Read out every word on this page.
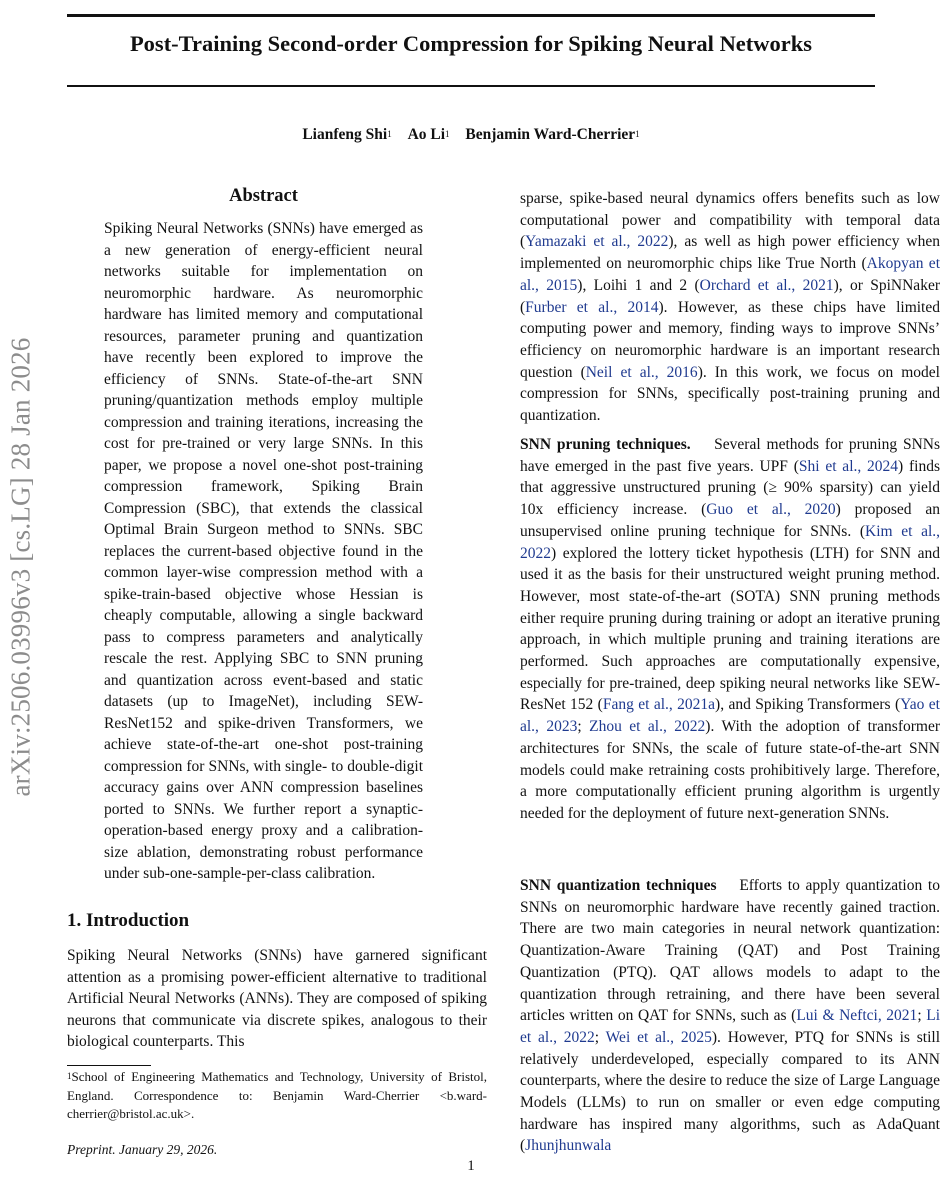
Post-Training Second-order Compression for Spiking Neural Networks
Lianfeng Shi$^1$ Ao Li$^1$ Benjamin Ward-Cherrier$^1$
arXiv:2506.03996v3 [cs.LG] 28 Jan 2026
Abstract

Spiking Neural Networks (SNNs) have emerged as a new generation of energy-efficient neural networks suitable for implementation on neuromorphic hardware. As neuromorphic hardware has limited memory and computational resources, parameter pruning and quantization have recently been explored to improve the efficiency of SNNs. State-of-the-art SNN pruning/quantization methods employ multiple compression and training iterations, increasing the cost for pre-trained or very large SNNs. In this paper, we propose a novel one-shot post-training compression framework, Spiking Brain Compression (SBC), that extends the classical Optimal Brain Surgeon method to SNNs. SBC replaces the current-based objective found in the common layer-wise compression method with a spike-train-based objective whose Hessian is cheaply computable, allowing a single backward pass to compress parameters and analytically rescale the rest. Applying SBC to SNN pruning and quantization across event-based and static datasets (up to ImageNet), including SEW-ResNet152 and spike-driven Transformers, we achieve state-of-the-art one-shot post-training compression for SNNs, with single- to double-digit accuracy gains over ANN compression baselines ported to SNNs. We further report a synaptic-operation-based energy proxy and a calibration-size ablation, demonstrating robust performance under sub-one-sample-per-class calibration.

1. Introduction

Spiking Neural Networks (SNNs) have garnered significant attention as a promising power-efficient alternative to traditional Artificial Neural Networks (ANNs). They are composed of spiking neurons that communicate via discrete spikes, analogous to their biological counterparts. This

$^1$School of Engineering Mathematics and Technology, University of Bristol, England. Correspondence to: Benjamin Ward-Cherrier <b.ward-cherrier@bristol.ac.uk>.

Preprint. January 29, 2026.
1

sparse, spike-based neural dynamics offers benefits such as low computational power and compatibility with temporal data (Yamazaki et al., 2022), as well as high power efficiency when implemented on neuromorphic chips like True North (Akopyan et al., 2015), Loihi 1 and 2 (Orchard et al., 2021), or SpiNNaker (Furber et al., 2014). However, as these chips have limited computing power and memory, finding ways to improve SNNs’ efficiency on neuromorphic hardware is an important research question (Neil et al., 2016). In this work, we focus on model compression for SNNs, specifically post-training pruning and quantization.

SNN pruning techniques. Several methods for pruning SNNs have emerged in the past five years. UPF (Shi et al., 2024) finds that aggressive unstructured pruning (≥ 90% sparsity) can yield 10x efficiency increase. (Guo et al., 2020) proposed an unsupervised online pruning technique for SNNs. (Kim et al., 2022) explored the lottery ticket hypothesis (LTH) for SNN and used it as the basis for their unstructured weight pruning method. However, most state-of-the-art (SOTA) SNN pruning methods either require pruning during training or adopt an iterative pruning approach, in which multiple pruning and training iterations are performed. Such approaches are computationally expensive, especially for pre-trained, deep spiking neural networks like SEW-ResNet 152 (Fang et al., 2021a), and Spiking Transformers (Yao et al., 2023; Zhou et al., 2022). With the adoption of transformer architectures for SNNs, the scale of future state-of-the-art SNN models could make retraining costs prohibitively large. Therefore, a more computationally efficient pruning algorithm is urgently needed for the deployment of future next-generation SNNs.

SNN quantization techniques Efforts to apply quantization to SNNs on neuromorphic hardware have recently gained traction. There are two main categories in neural network quantization: Quantization-Aware Training (QAT) and Post Training Quantization (PTQ). QAT allows models to adapt to the quantization through retraining, and there have been several articles written on QAT for SNNs, such as (Lui & Neftci, 2021; Li et al., 2022; Wei et al., 2025). However, PTQ for SNNs is still relatively underdeveloped, especially compared to its ANN counterparts, where the desire to reduce the size of Large Language Models (LLMs) to run on smaller or even edge computing hardware has inspired many algorithms, such as AdaQuant (Jhunjhunwala
